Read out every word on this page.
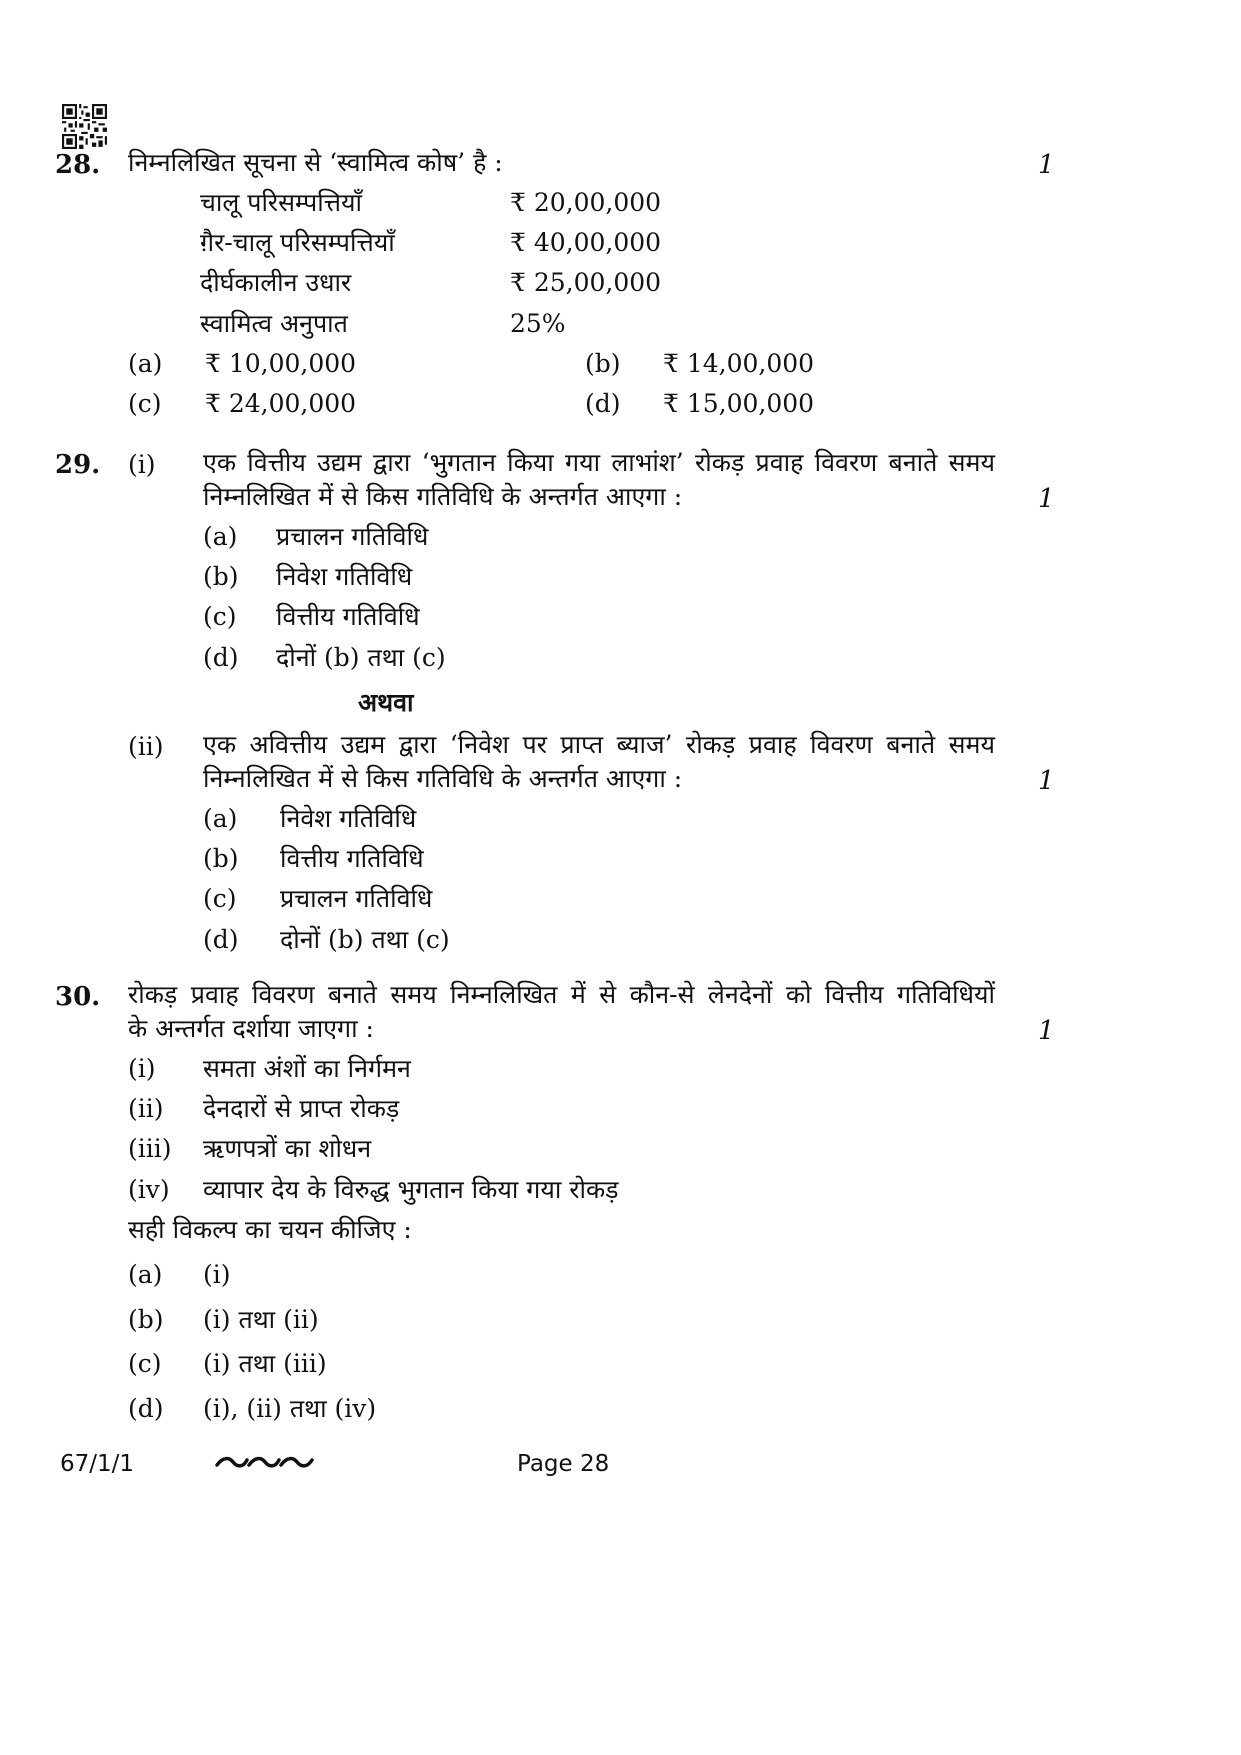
28. निम्नलिखित सूचना से ‘स्वामित्व कोष’ है :	1
चालू परिसम्पत्तियाँ	₹ 20,00,000
ग़ैर-चालू परिसम्पत्तियाँ	₹ 40,00,000
दीर्घकालीन उधार	₹ 25,00,000
स्वामित्व अनुपात	25%
(a) ₹ 10,00,000	(b) ₹ 14,00,000
(c) ₹ 24,00,000	(d) ₹ 15,00,000
29. (i) एक वित्तीय उद्यम द्वारा ‘भुगतान किया गया लाभांश’ रोकड़ प्रवाह विवरण बनाते समय
निम्नलिखित में से किस गतिविधि के अन्तर्गत आएगा :	1
(a) प्रचालन गतिविधि
(b) निवेश गतिविधि
(c) वित्तीय गतिविधि
(d) दोनों (b) तथा (c)
अथवा
(ii) एक अवित्तीय उद्यम द्वारा ‘निवेश पर प्राप्त ब्याज’ रोकड़ प्रवाह विवरण बनाते समय
निम्नलिखित में से किस गतिविधि के अन्तर्गत आएगा :	1
(a) निवेश गतिविधि
(b) वित्तीय गतिविधि
(c) प्रचालन गतिविधि
(d) दोनों (b) तथा (c)
30. रोकड़ प्रवाह विवरण बनाते समय निम्नलिखित में से कौन-से लेनदेनों को वित्तीय गतिविधियों
के अन्तर्गत दर्शाया जाएगा :	1
(i) समता अंशों का निर्गमन
(ii) देनदारों से प्राप्त रोकड़
(iii) ऋणपत्रों का शोधन
(iv) व्यापार देय के विरुद्ध भुगतान किया गया रोकड़
सही विकल्प का चयन कीजिए :
(a) (i)
(b) (i) तथा (ii)
(c) (i) तथा (iii)
(d) (i), (ii) तथा (iv)
67/1/1	Page 28
